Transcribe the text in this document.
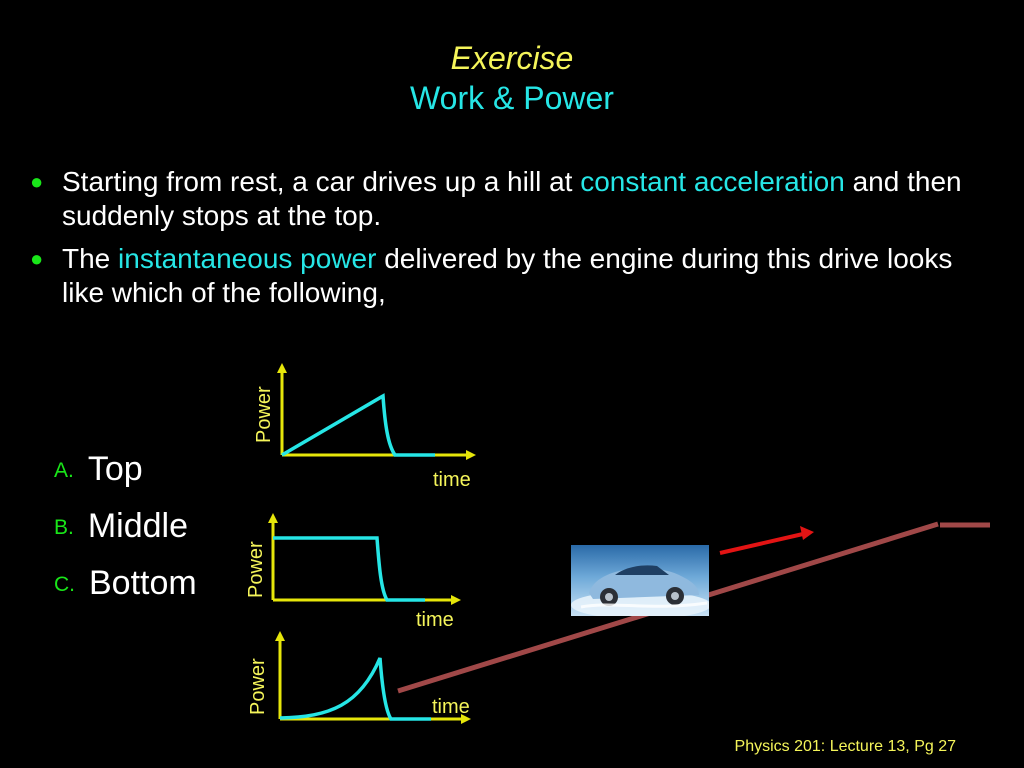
Exercise
Work & Power
● Starting from rest, a car drives up a hill at constant acceleration and then suddenly stops at the top.
● The instantaneous power delivered by the engine during this drive looks like which of the following,
A. Top
B. Middle
C. Bottom
Power
time
Power
time
Power	time
Physics 201: Lecture 13, Pg 27
